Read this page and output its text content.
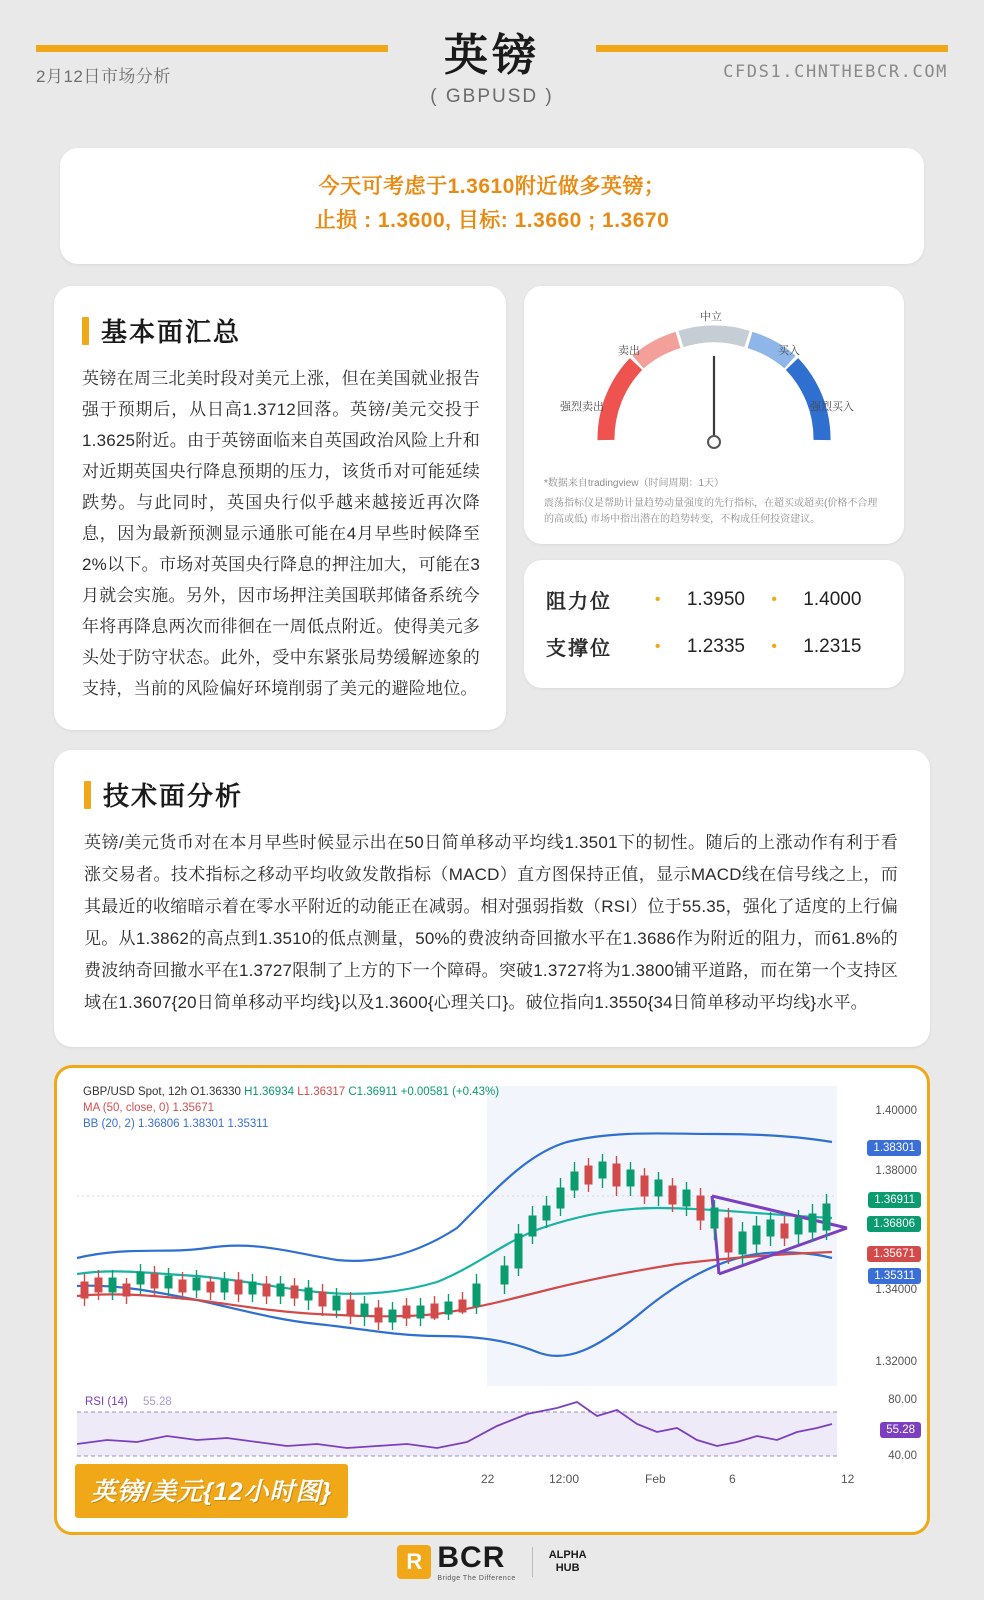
2月12日市场分析	CFDS1.CHNTHEBCR.COM
英镑
( GBPUSD )
今天可考虑于1.3610附近做多英镑；
止损 : 1.3600, 目标: 1.3660 ; 1.3670
基本面汇总
英镑在周三北美时段对美元上涨，但在美国就业报告强于预期后，从日高1.3712回落。英镑/美元交投于1.3625附近。由于英镑面临来自英国政治风险上升和对近期英国央行降息预期的压力，该货币对可能延续跌势。与此同时，英国央行似乎越来越接近再次降息，因为最新预测显示通胀可能在4月早些时候降至2%以下。市场对英国央行降息的押注加大，可能在3月就会实施。另外，因市场押注美国联邦储备系统今年将再降息两次而徘徊在一周低点附近。使得美元多头处于防守状态。此外，受中东紧张局势缓解迹象的支持，当前的风险偏好环境削弱了美元的避险地位。
中立
卖出	买入
强烈卖出	强烈买入
*数据来自tradingview（时间周期：1天）
震荡指标仪是帮助计量趋势动量强度的先行指标，在超买或超卖(价格不合理的高或低) 市场中指出潜在的趋势转变，不构成任何投资建议。
阻力位	•	1.3950	•	1.4000
支撑位	•	1.2335	•	1.2315
技术面分析
英镑/美元货币对在本月早些时候显示出在50日简单移动平均线1.3501下的韧性。随后的上涨动作有利于看涨交易者。技术指标之移动平均收敛发散指标（MACD）直方图保持正值，显示MACD线在信号线之上，而其最近的收缩暗示着在零水平附近的动能正在减弱。相对强弱指数（RSI）位于55.35，强化了适度的上行偏见。从1.3862的高点到1.3510的低点测量，50%的费波纳奇回撤水平在1.3686作为附近的阻力，而61.8%的费波纳奇回撤水平在1.3727限制了上方的下一个障碍。突破1.3727将为1.3800铺平道路，而在第一个支持区域在1.3607{20日简单移动平均线}以及1.3600{心理关口}。破位指向1.3550{34日简单移动平均线}水平。
GBP/USD Spot, 12h O1.36330 H1.36934 L1.36317 C1.36911 +0.00581 (+0.43%)
MA (50, close, 0) 1.35671
BB (20, 2) 1.36806 1.38301 1.35311
1.40000
1.38000
1.34000
1.32000
1.38301
1.36911
1.36806
1.35671
1.35311
RSI (14) 55.28	80.00
40.00
55.28
22	12:00	Feb	6	12
英镑/美元{12小时图}
R BCR
Bridge The Difference
ALPHA
HUB
